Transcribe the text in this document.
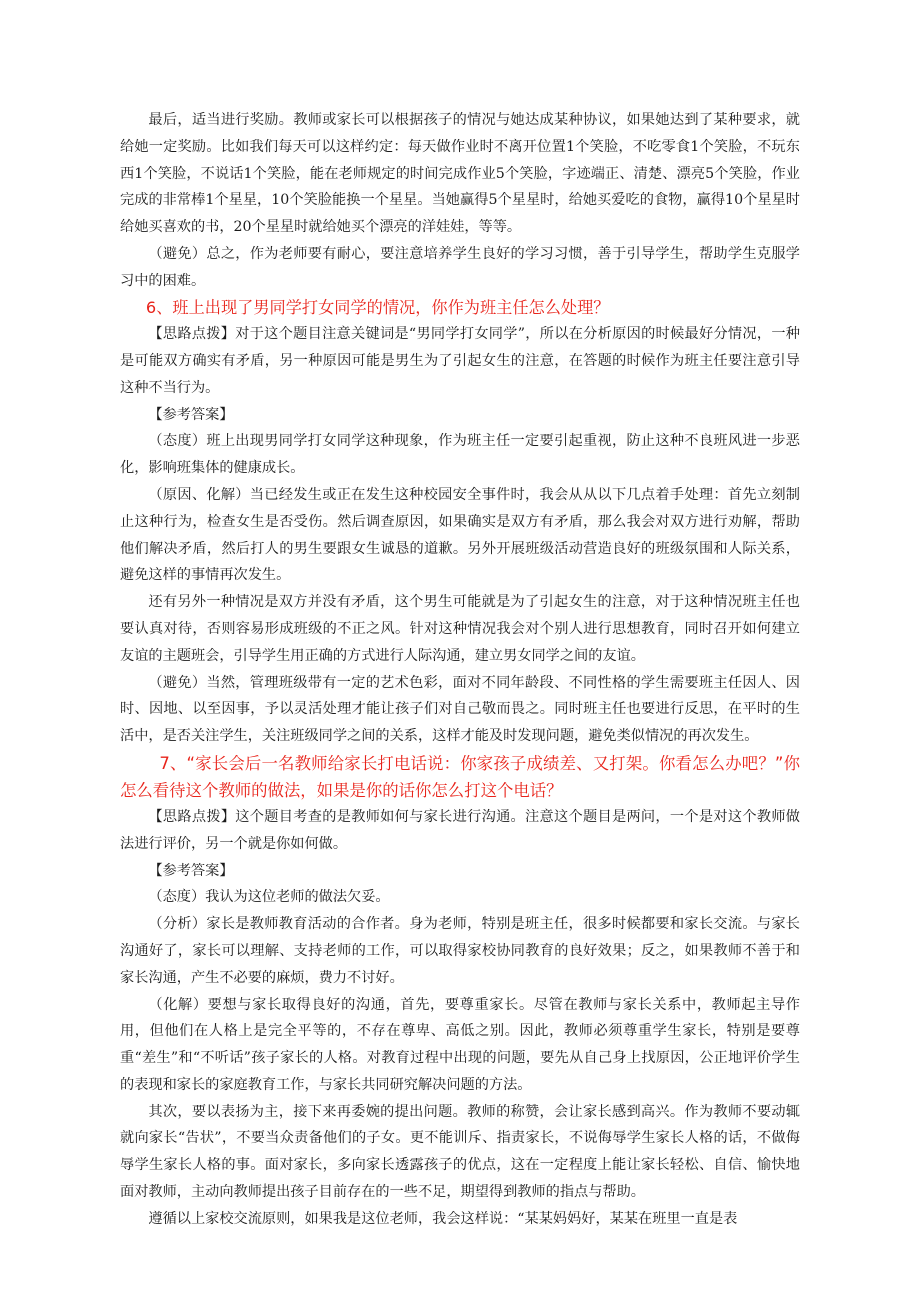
最后，适当进行奖励。教师或家长可以根据孩子的情况与她达成某种协议，如果她达到了某种要求，就给她一定奖励。比如我们每天可以这样约定：每天做作业时不离开位置1个笑脸，不吃零食1个笑脸，不玩东西1个笑脸，不说话1个笑脸，能在老师规定的时间完成作业5个笑脸，字迹端正、清楚、漂亮5个笑脸，作业完成的非常棒1个星星，10个笑脸能换一个星星。当她赢得5个星星时，给她买爱吃的食物，赢得10个星星时给她买喜欢的书，20个星星时就给她买个漂亮的洋娃娃，等等。

（避免）总之，作为老师要有耐心，要注意培养学生良好的学习习惯，善于引导学生，帮助学生克服学习中的困难。

6、班上出现了男同学打女同学的情况，你作为班主任怎么处理？

【思路点拨】对于这个题目注意关键词是“男同学打女同学”，所以在分析原因的时候最好分情况，一种是可能双方确实有矛盾，另一种原因可能是男生为了引起女生的注意，在答题的时候作为班主任要注意引导这种不当行为。

【参考答案】

（态度）班上出现男同学打女同学这种现象，作为班主任一定要引起重视，防止这种不良班风进一步恶化，影响班集体的健康成长。

（原因、化解）当已经发生或正在发生这种校园安全事件时，我会从从以下几点着手处理：首先立刻制止这种行为，检查女生是否受伤。然后调查原因，如果确实是双方有矛盾，那么我会对双方进行劝解，帮助他们解决矛盾，然后打人的男生要跟女生诚恳的道歉。另外开展班级活动营造良好的班级氛围和人际关系，避免这样的事情再次发生。

还有另外一种情况是双方并没有矛盾，这个男生可能就是为了引起女生的注意，对于这种情况班主任也要认真对待，否则容易形成班级的不正之风。针对这种情况我会对个别人进行思想教育，同时召开如何建立友谊的主题班会，引导学生用正确的方式进行人际沟通，建立男女同学之间的友谊。

（避免）当然，管理班级带有一定的艺术色彩，面对不同年龄段、不同性格的学生需要班主任因人、因时、因地、以至因事，予以灵活处理才能让孩子们对自己敬而畏之。同时班主任也要进行反思，在平时的生活中，是否关注学生，关注班级同学之间的关系，这样才能及时发现问题，避免类似情况的再次发生。

7、“家长会后一名教师给家长打电话说：你家孩子成绩差、又打架。你看怎么办吧？”你怎么看待这个教师的做法，如果是你的话你怎么打这个电话？

【思路点拨】这个题目考查的是教师如何与家长进行沟通。注意这个题目是两问，一个是对这个教师做法进行评价，另一个就是你如何做。

【参考答案】

（态度）我认为这位老师的做法欠妥。

（分析）家长是教师教育活动的合作者。身为老师，特别是班主任，很多时候都要和家长交流。与家长沟通好了，家长可以理解、支持老师的工作，可以取得家校协同教育的良好效果；反之，如果教师不善于和家长沟通，产生不必要的麻烦，费力不讨好。

（化解）要想与家长取得良好的沟通，首先，要尊重家长。尽管在教师与家长关系中，教师起主导作用，但他们在人格上是完全平等的，不存在尊卑、高低之别。因此，教师必须尊重学生家长，特别是要尊重“差生”和“不听话”孩子家长的人格。对教育过程中出现的问题，要先从自己身上找原因，公正地评价学生的表现和家长的家庭教育工作，与家长共同研究解决问题的方法。

其次，要以表扬为主，接下来再委婉的提出问题。教师的称赞，会让家长感到高兴。作为教师不要动辄就向家长“告状”，不要当众责备他们的子女。更不能训斥、指责家长，不说侮辱学生家长人格的话，不做侮辱学生家长人格的事。面对家长，多向家长透露孩子的优点，这在一定程度上能让家长轻松、自信、愉快地面对教师，主动向教师提出孩子目前存在的一些不足，期望得到教师的指点与帮助。

遵循以上家校交流原则，如果我是这位老师，我会这样说：“某某妈妈好，某某在班里一直是表
